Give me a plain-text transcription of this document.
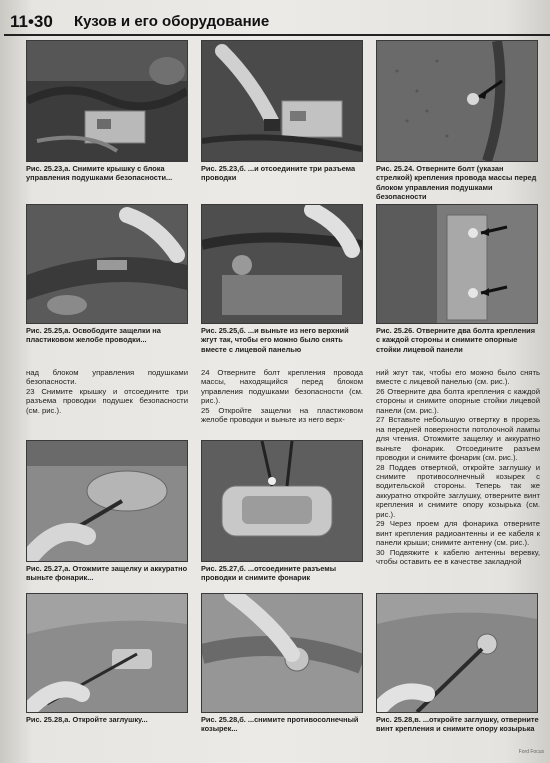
11•30 Кузов и его оборудование
Рис. 25.23,а. Снимите крышку с блока управления подушками безопасности...
Рис. 25.23,б. ...и отсоедините три разъема проводки
Рис. 25.24. Отверните болт (указан стрелкой) крепления провода массы перед блоком управления подушками безопасности
Рис. 25.25,а. Освободите защелки на пластиковом желобе проводки...
Рис. 25.25,б. ...и выньте из него верхний жгут так, чтобы его можно было снять вместе с лицевой панелью
Рис. 25.26. Отверните два болта крепления с каждой стороны и снимите опорные стойки лицевой панели

над блоком управления подушками безопасности.

23 Снимите крышку и отсоедините три разъема проводки подушек безопасности (см. рис.).

24 Отверните болт крепления провода массы, находящийся перед блоком управления подушками безопасности (см. рис.).

25 Откройте защелки на пластиковом желобе проводки и выньте из него верх-

ний жгут так, чтобы его можно было снять вместе с лицевой панелью (см. рис.).

26 Отверните два болта крепления с каждой стороны и снимите опорные стойки лицевой панели (см. рис.).

27 Вставьте небольшую отвертку в прорезь на передней поверхности потолочной лампы для чтения. Отожмите защелку и аккуратно выньте фонарик. Отсоедините разъем проводки и снимите фонарик (см. рис.).

28 Поддев отверткой, откройте заглушку и снимите противосолнечный козырек с водительской стороны. Теперь так же аккуратно откройте заглушку, отверните винт крепления и снимите опору козырька (см. рис.).

29 Через проем для фонарика отверните винт крепления радиоантенны и ее кабеля к панели крыши; снимите антенну (см. рис.).

30 Подвяжите к кабелю антенны веревку, чтобы оставить ее в качестве закладной

Рис. 25.27,а. Отожмите защелку и аккуратно выньте фонарик...
Рис. 25.27,б. ...отсоедините разъемы проводки и снимите фонарик
Рис. 25.28,а. Откройте заглушку...	Рис. 25.28,б. ...снимите противосолнечный козырек...
Рис. 25.28,в. ...откройте заглушку, отверните винт крепления и снимите опору козырька
Ford Focus
